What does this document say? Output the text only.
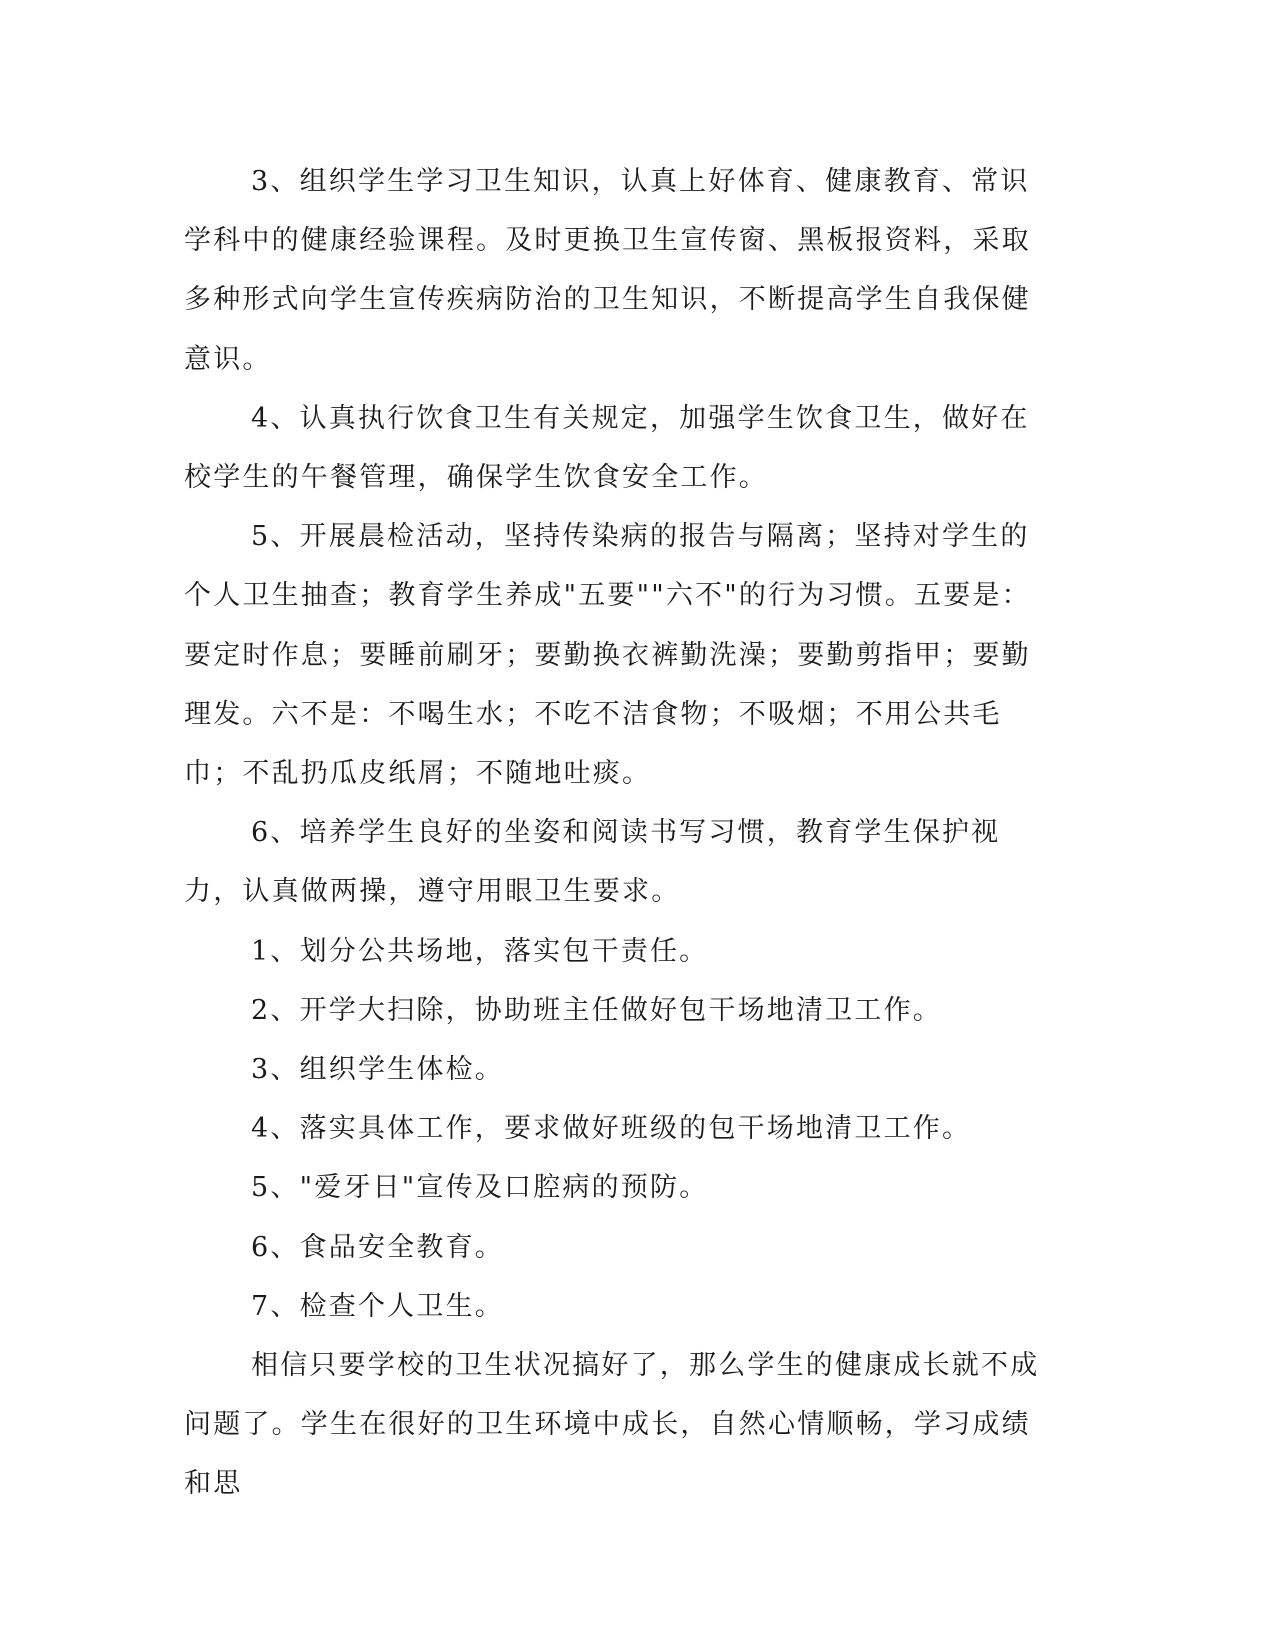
3、组织学生学习卫生知识，认真上好体育、健康教育、常识学科中的健康经验课程。及时更换卫生宣传窗、黑板报资料，采取多种形式向学生宣传疾病防治的卫生知识，不断提高学生自我保健意识。

4、认真执行饮食卫生有关规定，加强学生饮食卫生，做好在校学生的午餐管理，确保学生饮食安全工作。

5、开展晨检活动，坚持传染病的报告与隔离；坚持对学生的个人卫生抽查；教育学生养成"五要""六不"的行为习惯。五要是：要定时作息；要睡前刷牙；要勤换衣裤勤洗澡；要勤剪指甲；要勤理发。六不是：不喝生水；不吃不洁食物；不吸烟；不用公共毛巾；不乱扔瓜皮纸屑；不随地吐痰。

6、培养学生良好的坐姿和阅读书写习惯，教育学生保护视力，认真做两操，遵守用眼卫生要求。

1、划分公共场地，落实包干责任。

2、开学大扫除，协助班主任做好包干场地清卫工作。

3、组织学生体检。

4、落实具体工作，要求做好班级的包干场地清卫工作。

5、"爱牙日"宣传及口腔病的预防。

6、食品安全教育。

7、检查个人卫生。

相信只要学校的卫生状况搞好了，那么学生的健康成长就不成问题了。学生在很好的卫生环境中成长，自然心情顺畅，学习成绩和思
